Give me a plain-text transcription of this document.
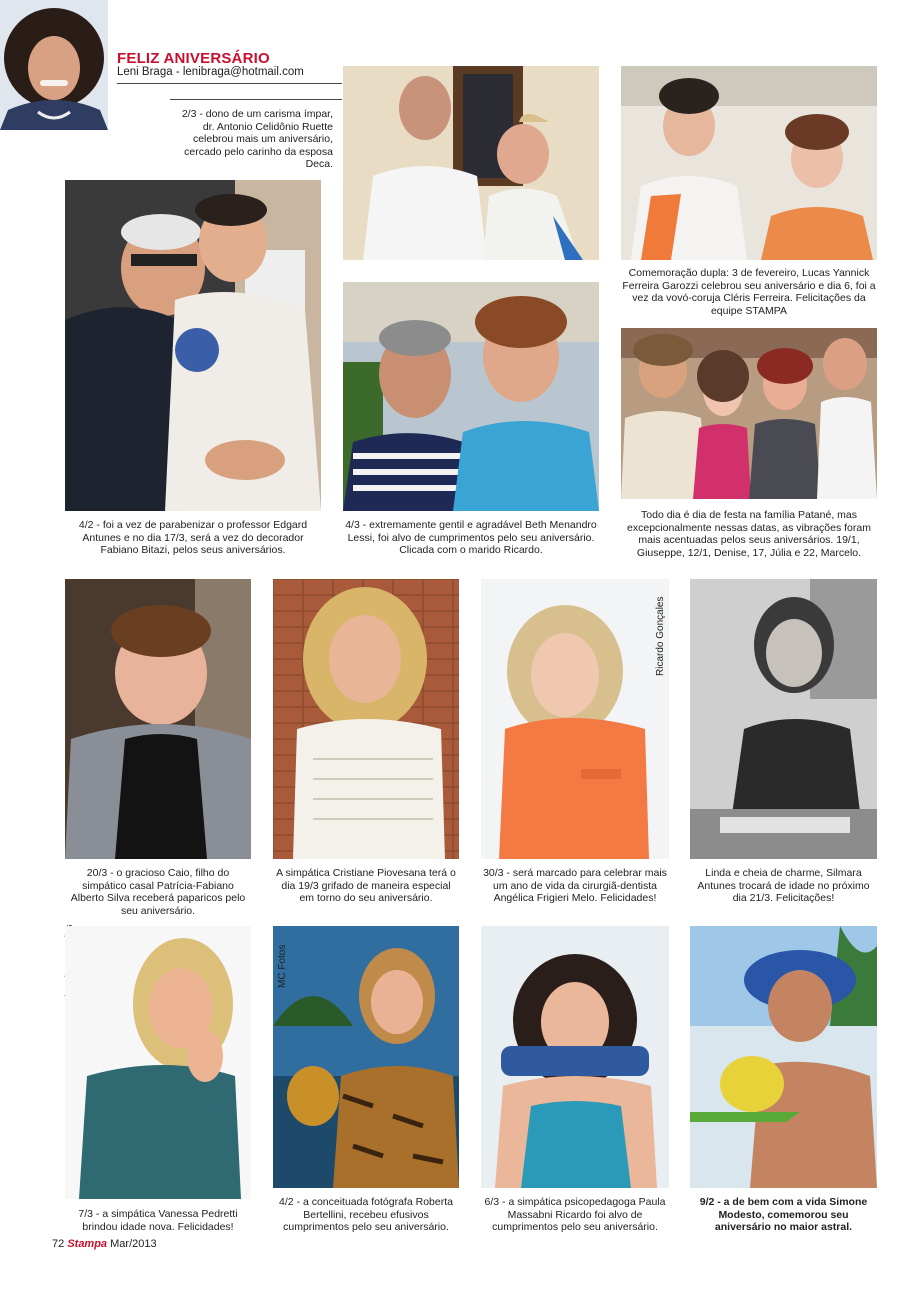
FELIZ ANIVERSÁRIO
Leni Braga - lenibraga@hotmail.com
2/3 - dono de um carisma ímpar, dr. Antonio Celidônio Ruette celebrou mais um aniversário, cercado pelo carinho da esposa Deca.
Comemoração dupla: 3 de fevereiro, Lucas Yannick Ferreira Garozzi celebrou seu aniversário e dia 6, foi a vez da vovó-coruja Cléris Ferreira. Felicitações da equipe STAMPA
4/2 - foi a vez de parabenizar o professor Edgard Antunes e no dia 17/3, será a vez do decorador Fabiano Bitazi, pelos seus aniversários.
4/3 - extremamente gentil e agradável Beth Menandro Lessi, foi alvo de cumprimentos pelo seu aniversário. Clicada com o marido Ricardo.
Todo dia é dia de festa na família Patané, mas excepcionalmente nessas datas, as vibrações foram mais acentuadas pelos seus aniversários. 19/1, Giuseppe, 12/1, Denise, 17, Júlia e 22, Marcelo.
20/3 - o gracioso Caio, filho do simpático casal Patrícia-Fabiano Alberto Silva receberá paparicos pelo seu aniversário.
A simpática Cristiane Piovesana terá o dia 19/3 grifado de maneira especial em torno do seu aniversário.
Ricardo Gonçales
30/3 - será marcado para celebrar mais um ano de vida da cirurgiã-dentista Angélica Frigieri Melo. Felicidades!
Linda e cheia de charme, Silmara Antunes trocará de idade no próximo dia 21/3. Felicitações!
7/3 - a simpática Vanessa Pedretti brindou idade nova. Felicidades!
MC Fotos
4/2 - a conceituada fotógrafa Roberta Bertellini, recebeu efusivos cumprimentos pelo seu aniversário.
6/3 - a simpática psicopedagoga Paula Massabni Ricardo foi alvo de cumprimentos pelo seu aniversário.
9/2 - a de bem com a vida Simone Modesto, comemorou seu aniversário no maior astral.
72 Stampa Mar/2013
